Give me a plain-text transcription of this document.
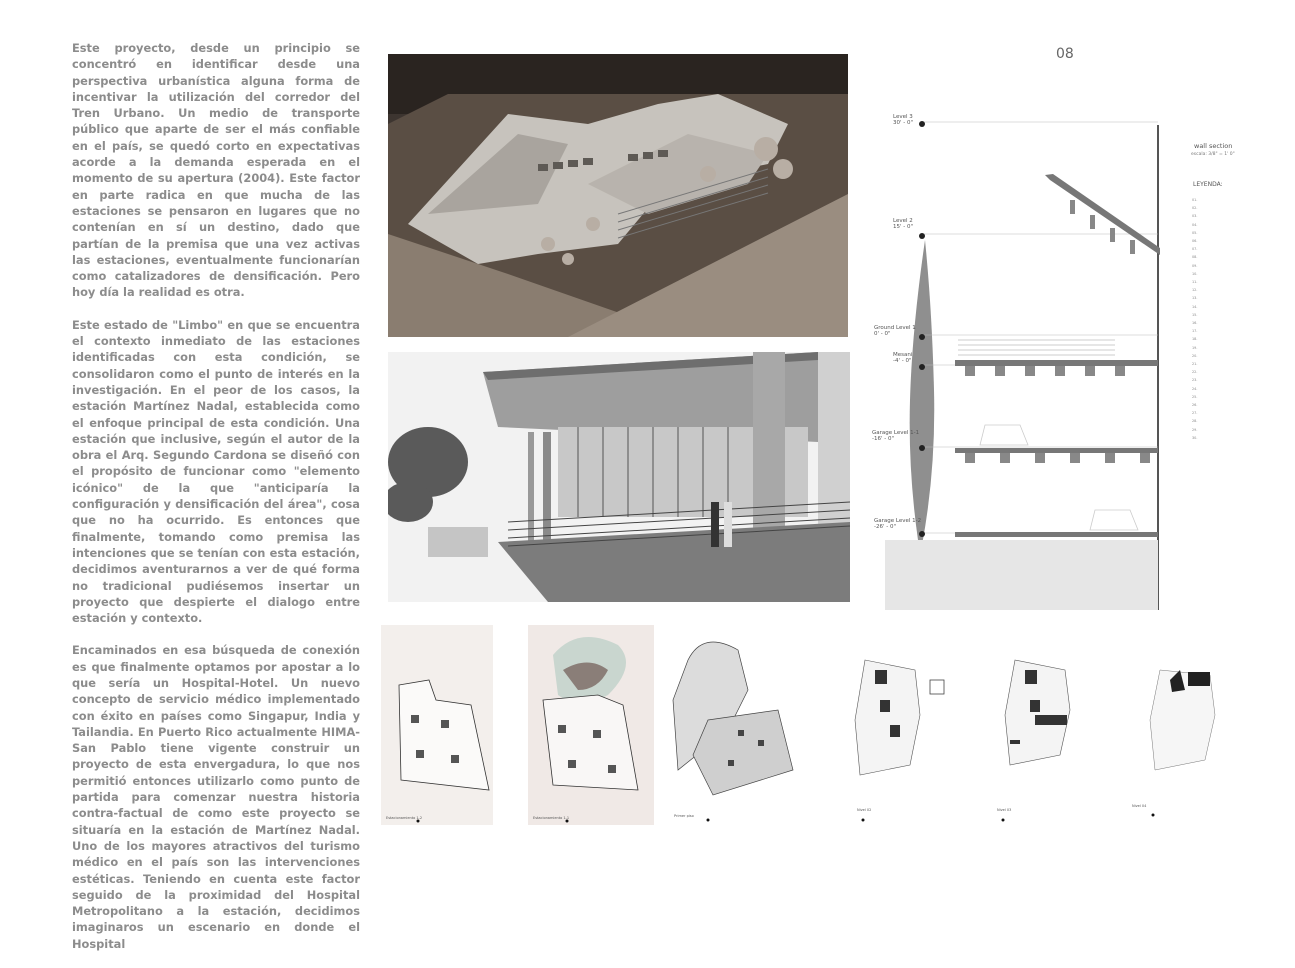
Este proyecto, desde un principio se concentró en identificar desde una perspectiva urbanística alguna forma de incentivar la utilización del corredor del Tren Urbano. Un medio de transporte público que aparte de ser el más confiable en el país, se quedó corto en expectativas acorde a la demanda esperada en el momento de su apertura (2004). Este factor en parte radica en que mucha de las estaciones se pensaron en lugares que no contenían en sí un destino, dado que partían de la premisa que una vez activas las estaciones, eventualmente funcionarían como catalizadores de densificación. Pero hoy día la realidad es otra.

Este estado de "Limbo" en que se encuentra el contexto inmediato de las estaciones identificadas con esta condición, se consolidaron como el punto de interés en la investigación. En el peor de los casos, la estación Martínez Nadal, establecida como el enfoque principal de esta condición. Una estación que inclusive, según el autor de la obra el Arq. Segundo Cardona se diseñó con el propósito de funcionar como "elemento icónico" de la que "anticiparía la configuración y densificación del área", cosa que no ha ocurrido. Es entonces que finalmente, tomando como premisa las intenciones que se tenían con esta estación, decidimos aventurarnos a ver de qué forma no tradicional pudiésemos insertar un proyecto que despierte el dialogo entre estación y contexto.

Encaminados en esa búsqueda de conexión es que finalmente optamos por apostar a lo que sería un Hospital-Hotel. Un nuevo concepto de servicio médico implementado con éxito en países como Singapur, India y Tailandia. En Puerto Rico actualmente HIMA-San Pablo tiene vigente construir un proyecto de esta envergadura, lo que nos permitió entonces utilizarlo como punto de partida para comenzar nuestra historia contra-factual de como este proyecto se situaría en la estación de Martínez Nadal. Uno de los mayores atractivos del turismo médico en el país son las intervenciones estéticas. Teniendo en cuenta este factor seguido de la proximidad del Hospital Metropolitano a la estación, decidimos imaginaros un escenario en donde el Hospital

08
Level 3
30' - 0"
Level 2
15' - 0"
Ground Level 1
0' - 0"
Mesani
-4' - 0"
Garage Level 1-1
-16' - 0"
Garage Level 1-2
-26' - 0"
wall section
escala: 3/8" = 1' 0"
LEYENDA:
01.
02.
03.
04.
05.
06.
07.
08.
09.
10.
11.
12.
13.
14.
15.
16.
17.
18.
19.
20.
21.
22.
23.
24.
25.
26.
27.
28.
29.
30.
Estacionamiento 1-2	Estacionamiento 1-1	Primer piso
Nivel 02	Nivel 03
Nivel 04
